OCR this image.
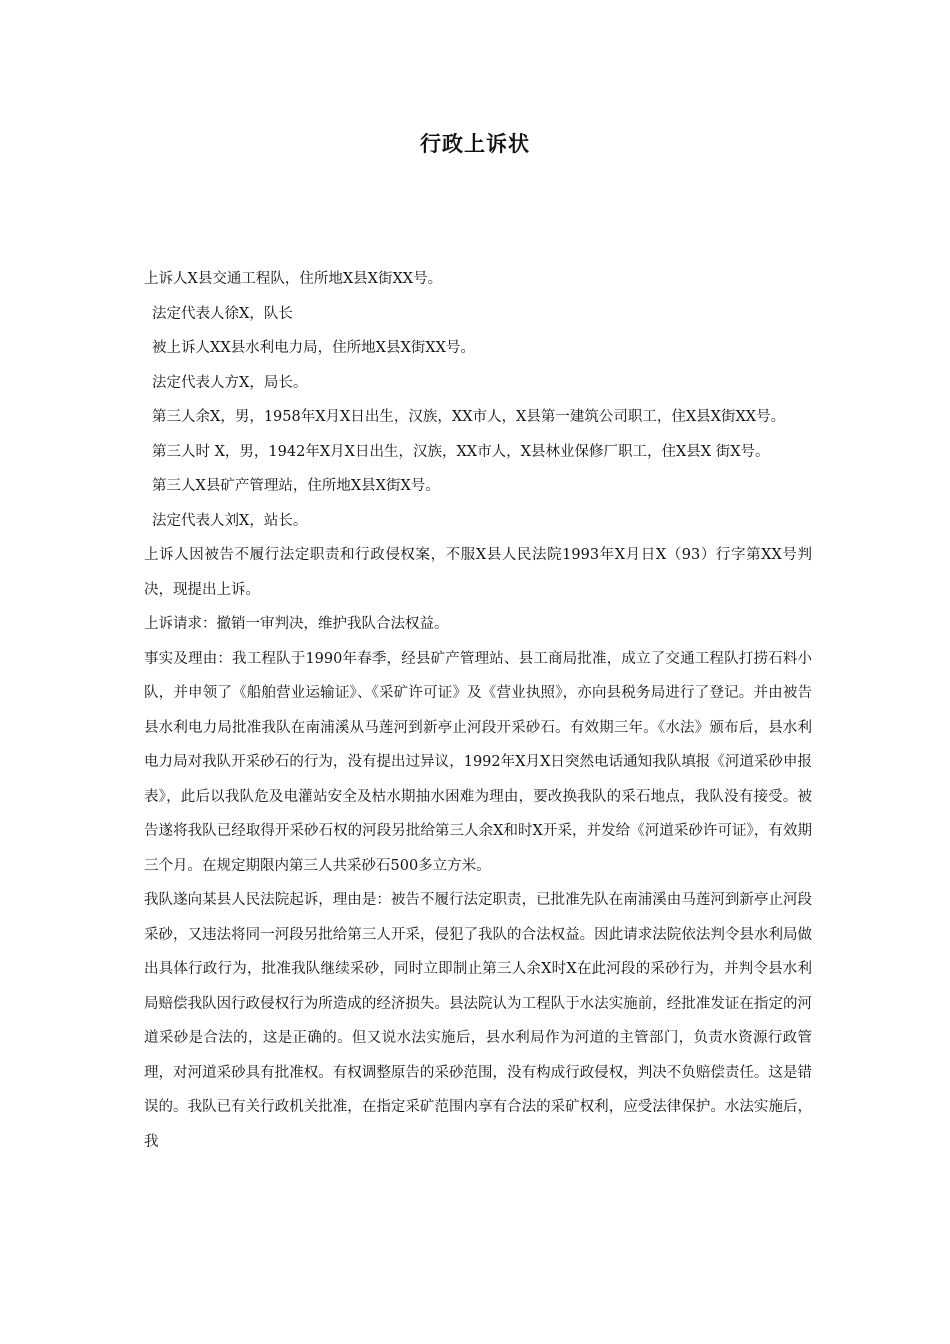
行政上诉状

上诉人X县交通工程队，住所地X县X街XX号。

法定代表人徐X，队长

被上诉人XX县水利电力局，住所地X县X街XX号。

法定代表人方X，局长。

第三人余X，男，1958年X月X日出生，汉族，XX市人，X县第一建筑公司职工，住X县X街XX号。

第三人时 X，男，1942年X月X日出生，汉族，XX市人，X县林业保修厂职工，住X县X 街X号。

第三人X县矿产管理站，住所地X县X街X号。

法定代表人刘X，站长。

上诉人因被告不履行法定职责和行政侵权案，不服X县人民法院1993年X月日X（93）行字第XX号判决，现提出上诉。

上诉请求：撤销一审判决，维护我队合法权益。

事实及理由：我工程队于1990年春季，经县矿产管理站、县工商局批准，成立了交通工程队打捞石料小队，并申领了《船舶营业运输证》、《采矿许可证》及《营业执照》，亦向县税务局进行了登记。并由被告县水利电力局批准我队在南浦溪从马莲河到新亭止河段开采砂石。有效期三年。《水法》颁布后，县水利电力局对我队开采砂石的行为，没有提出过异议，1992年X月X日突然电话通知我队填报《河道采砂申报表》，此后以我队危及电灌站安全及枯水期抽水困难为理由，要改换我队的采石地点，我队没有接受。被告遂将我队已经取得开采砂石权的河段另批给第三人余X和时X开采，并发给《河道采砂许可证》，有效期三个月。在规定期限内第三人共采砂石500多立方米。

我队遂向某县人民法院起诉，理由是：被告不履行法定职责，已批准先队在南浦溪由马莲河到新亭止河段采砂，又违法将同一河段另批给第三人开采，侵犯了我队的合法权益。因此请求法院依法判令县水利局做出具体行政行为，批准我队继续采砂，同时立即制止第三人余X时X在此河段的采砂行为，并判令县水利局赔偿我队因行政侵权行为所造成的经济损失。县法院认为工程队于水法实施前，经批准发证在指定的河道采砂是合法的，这是正确的。但又说水法实施后，县水利局作为河道的主管部门，负责水资源行政管理，对河道采砂具有批准权。有权调整原告的采砂范围，没有构成行政侵权，判决不负赔偿责任。这是错误的。我队已有关行政机关批准，在指定采矿范围内享有合法的采矿权利，应受法律保护。水法实施后，我
